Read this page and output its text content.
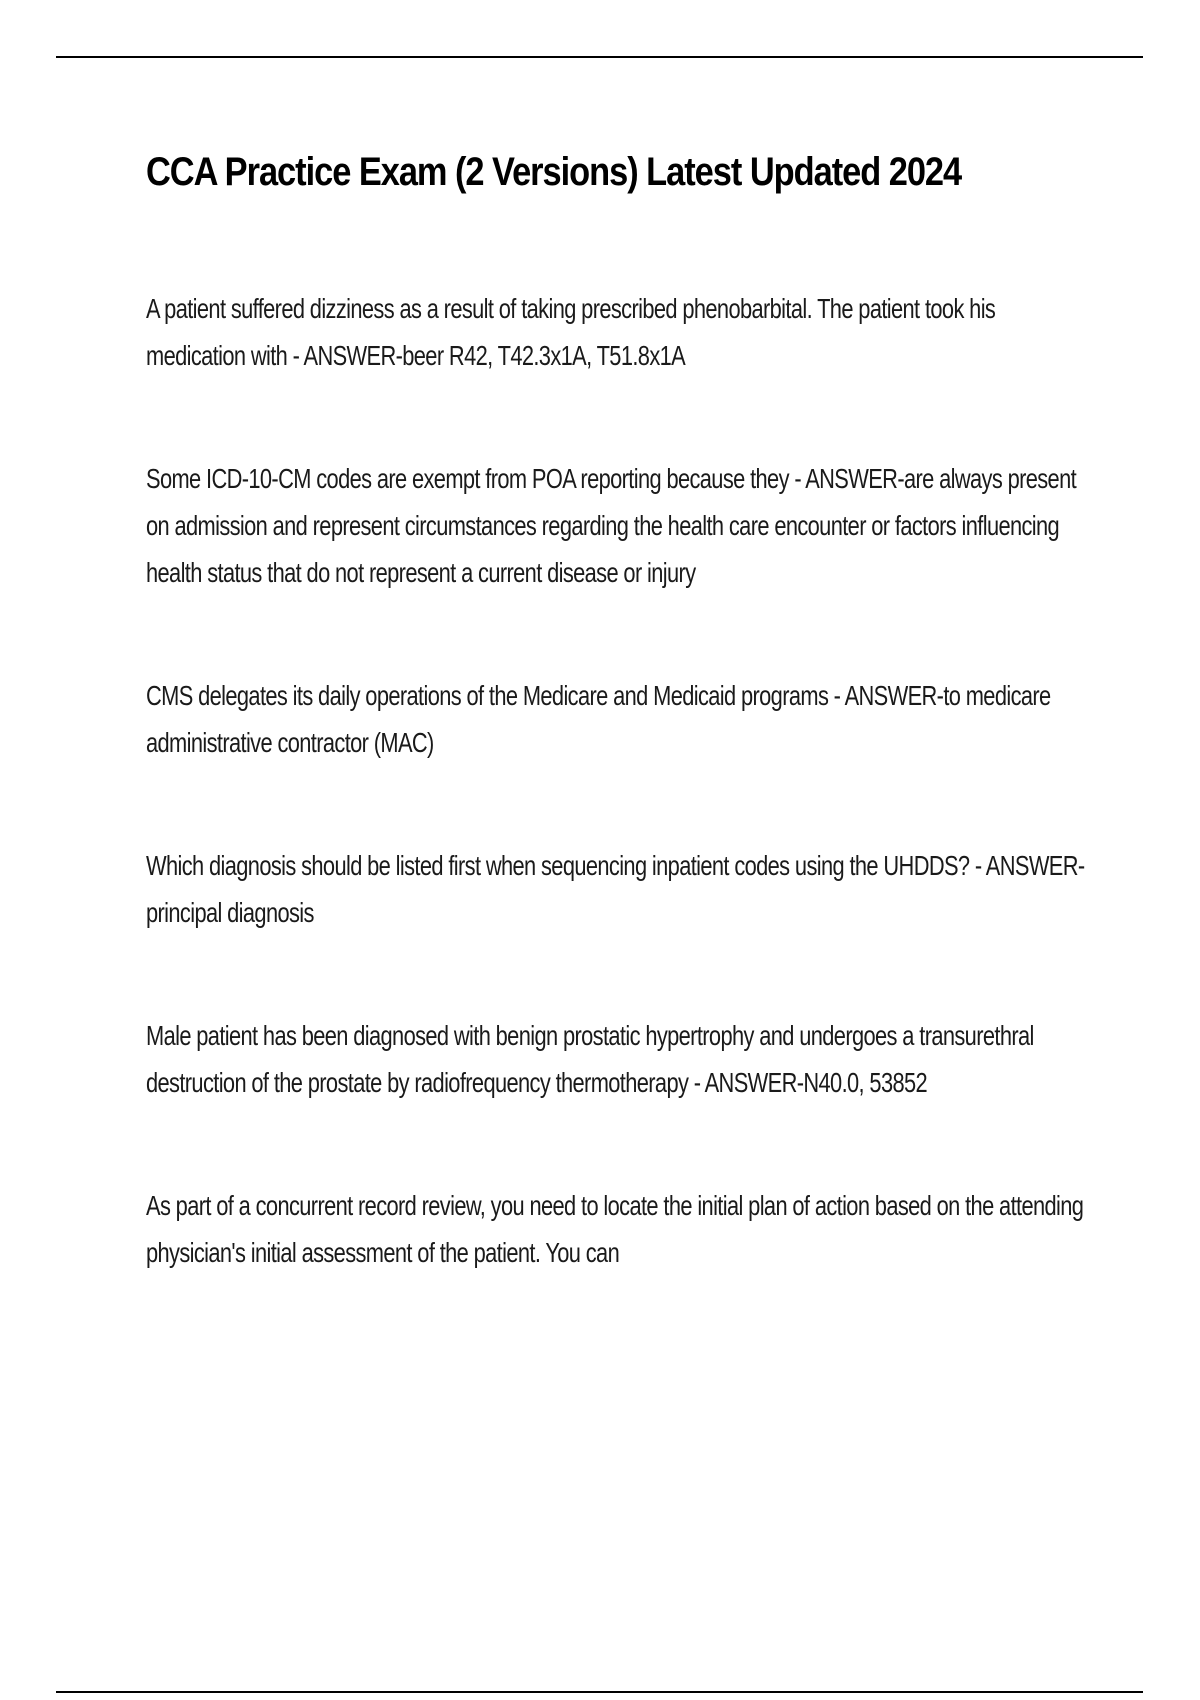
CCA Practice Exam (2 Versions) Latest Updated 2024

A patient suffered dizziness as a result of taking prescribed phenobarbital. The patient took his medication with - ANSWER-beer R42, T42.3x1A, T51.8x1A

Some ICD-10-CM codes are exempt from POA reporting because they - ANSWER-are always present on admission and represent circumstances regarding the health care encounter or factors influencing health status that do not represent a current disease or injury

CMS delegates its daily operations of the Medicare and Medicaid programs - ANSWER-to medicare administrative contractor (MAC)

Which diagnosis should be listed first when sequencing inpatient codes using the UHDDS? - ANSWER-principal diagnosis

Male patient has been diagnosed with benign prostatic hypertrophy and undergoes a transurethral destruction of the prostate by radiofrequency thermotherapy - ANSWER-N40.0, 53852

As part of a concurrent record review, you need to locate the initial plan of action based on the attending physician's initial assessment of the patient. You can
